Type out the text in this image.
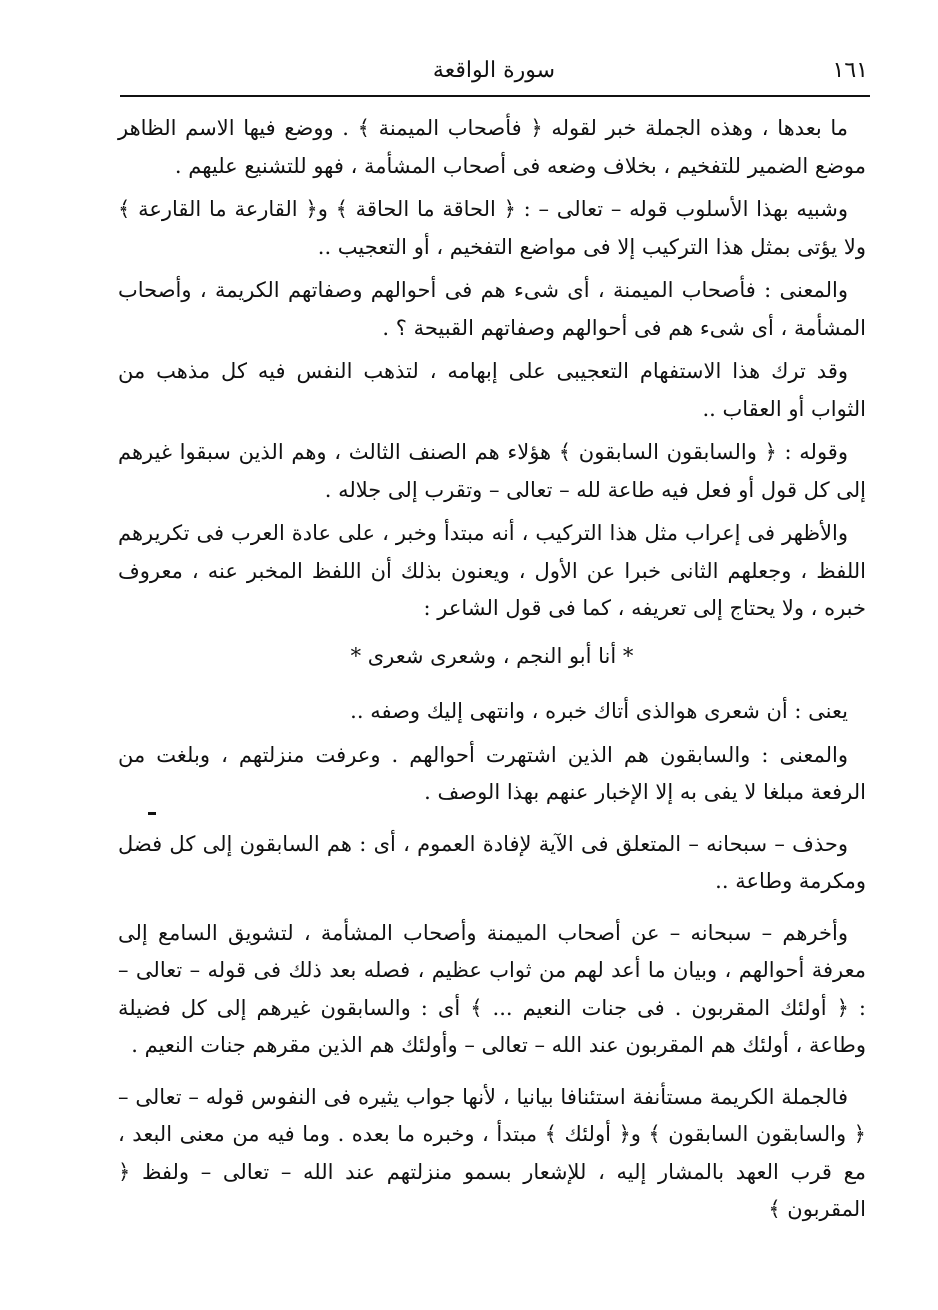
سورة الواقعة	١٦١

ما بعدها ، وهذه الجملة خبر لقوله ﴿ فأصحاب الميمنة ﴾ . ووضع فيها الاسم الظاهر موضع الضمير للتفخيم ، بخلاف وضعه فى أصحاب المشأمة ، فهو للتشنيع عليهم .

وشبيه بهذا الأسلوب قوله – تعالى – : ﴿ الحاقة ما الحاقة ﴾ و﴿ القارعة ما القارعة ﴾ ولا يؤتى بمثل هذا التركيب إلا فى مواضع التفخيم ، أو التعجيب ..

والمعنى : فأصحاب الميمنة ، أى شىء هم فى أحوالهم وصفاتهم الكريمة ، وأصحاب المشأمة ، أى شىء هم فى أحوالهم وصفاتهم القبيحة ؟ .

وقد ترك هذا الاستفهام التعجيبى على إبهامه ، لتذهب النفس فيه كل مذهب من الثواب أو العقاب ..

وقوله : ﴿ والسابقون السابقون ﴾ هؤلاء هم الصنف الثالث ، وهم الذين سبقوا غيرهم إلى كل قول أو فعل فيه طاعة لله – تعالى – وتقرب إلى جلاله .

والأظهر فى إعراب مثل هذا التركيب ، أنه مبتدأ وخبر ، على عادة العرب فى تكريرهم اللفظ ، وجعلهم الثانى خبرا عن الأول ، ويعنون بذلك أن اللفظ المخبر عنه ، معروف خبره ، ولا يحتاج إلى تعريفه ، كما فى قول الشاعر :

* أنا أبو النجم ، وشعرى شعرى *

يعنى : أن شعرى هوالذى أتاك خبره ، وانتهى إليك وصفه ..

والمعنى : والسابقون هم الذين اشتهرت أحوالهم . وعرفت منزلتهم ، وبلغت من الرفعة مبلغا لا يفى به إلا الإخبار عنهم بهذا الوصف .

وحذف – سبحانه – المتعلق فى الآية لإفادة العموم ، أى : هم السابقون إلى كل فضل ومكرمة وطاعة ..

وأخرهم – سبحانه – عن أصحاب الميمنة وأصحاب المشأمة ، لتشويق السامع إلى معرفة أحوالهم ، وبيان ما أعد لهم من ثواب عظيم ، فصله بعد ذلك فى قوله – تعالى – : ﴿ أولئك المقربون . فى جنات النعيم ... ﴾ أى : والسابقون غيرهم إلى كل فضيلة وطاعة ، أولئك هم المقربون عند الله – تعالى – وأولئك هم الذين مقرهم جنات النعيم .

فالجملة الكريمة مستأنفة استئنافا بيانيا ، لأنها جواب يثيره فى النفوس قوله – تعالى – ﴿ والسابقون السابقون ﴾ و﴿ أولئك ﴾ مبتدأ ، وخبره ما بعده . وما فيه من معنى البعد ، مع قرب العهد بالمشار إليه ، للإشعار بسمو منزلتهم عند الله – تعالى – ولفظ ﴿ المقربون ﴾
